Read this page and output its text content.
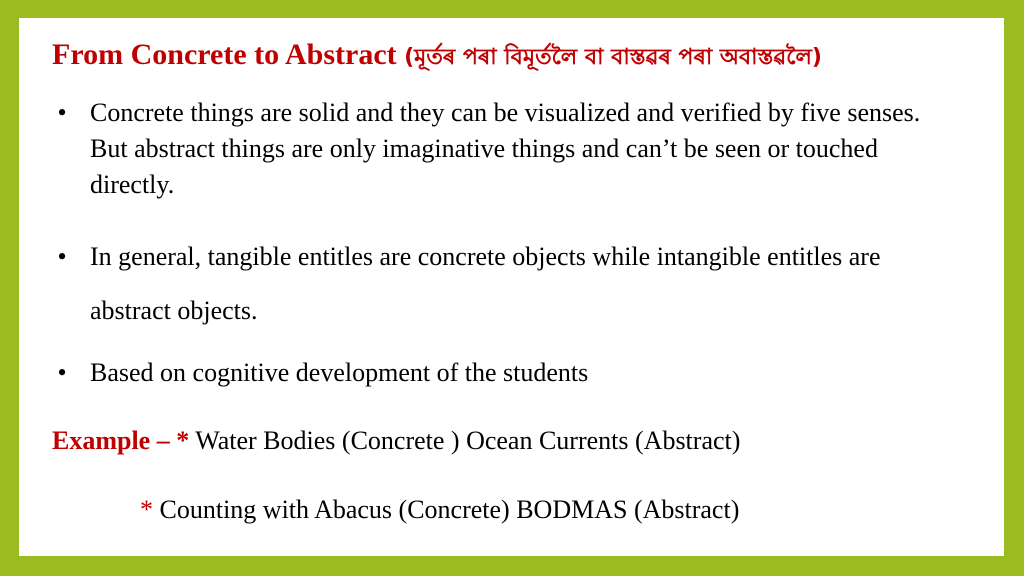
From Concrete to Abstract (মূৰ্তৰ পৰা বিমূৰ্তলৈ বা বাস্তৱৰ পৰা অবাস্তৱলৈ)
• Concrete things are solid and they can be visualized and verified by five senses. But abstract things are only imaginative things and can’t be seen or touched directly.
• In general, tangible entitles are concrete objects while intangible entitles are abstract objects.
• Based on cognitive development of the students
Example – * Water Bodies (Concrete ) Ocean Currents (Abstract)
* Counting with Abacus (Concrete) BODMAS (Abstract)
